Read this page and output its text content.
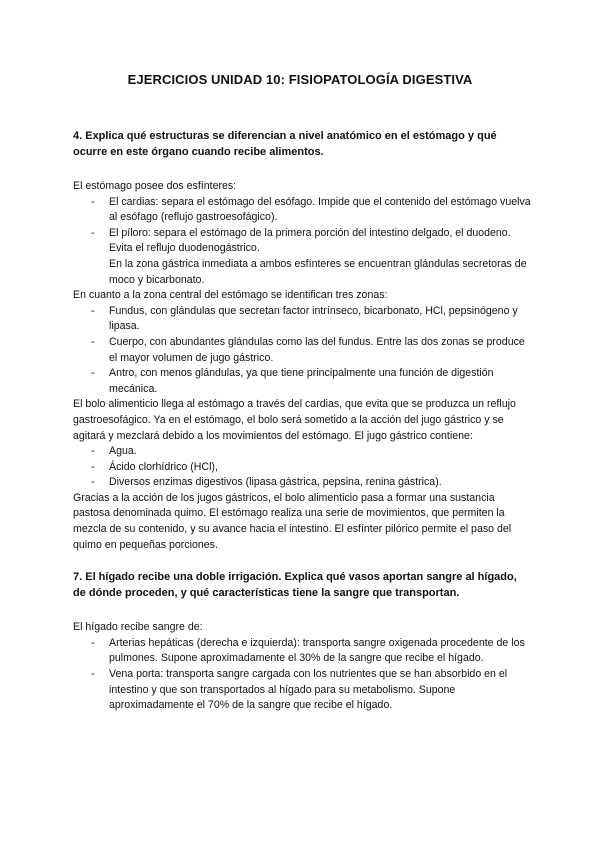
EJERCICIOS UNIDAD 10: FISIOPATOLOGÍA DIGESTIVA

4. Explica qué estructuras se diferencian a nivel anatómico en el estómago y qué ocurre en este órgano cuando recibe alimentos.

El estómago posee dos esfínteres:

- El cardias: separa el estómago del esófago. Impide que el contenido del estómago vuelva al esófago (reflujo gastroesofágico).
- El píloro: separa el estómago de la primera porción del intestino delgado, el duodeno. Evita el reflujo duodenogástrico.
En la zona gástrica inmediata a ambos esfínteres se encuentran glándulas secretoras de moco y bicarbonato.

En cuanto a la zona central del estómago se identifican tres zonas:

- Fundus, con glándulas que secretan factor intrínseco, bicarbonato, HCl, pepsinógeno y lipasa.
- Cuerpo, con abundantes glándulas como las del fundus. Entre las dos zonas se produce el mayor volumen de jugo gástrico.
- Antro, con menos glándulas, ya que tiene principalmente una función de digestión mecánica.

El bolo alimenticio llega al estómago a través del cardias, que evita que se produzca un reflujo gastroesofágico. Ya en el estómago, el bolo será sometido a la acción del jugo gástrico y se agitará y mezclará debido a los movimientos del estómago. El jugo gástrico contiene:

- Agua.
- Ácido clorhídrico (HCl),
- Diversos enzimas digestivos (lipasa gástrica, pepsina, renina gástrica).

Gracias a la acción de los jugos gástricos, el bolo alimenticio pasa a formar una sustancia pastosa denominada quimo. El estómago realiza una serie de movimientos, que permiten la mezcla de su contenido, y su avance hacia el intestino. El esfínter pilórico permite el paso del quimo en pequeñas porciones.

7. El hígado recibe una doble irrigación. Explica qué vasos aportan sangre al hígado, de dónde proceden, y qué características tiene la sangre que transportan.

El hígado recibe sangre de:

- Arterias hepáticas (derecha e izquierda): transporta sangre oxigenada procedente de los pulmones. Supone aproximadamente el 30% de la sangre que recibe el hígado.
- Vena porta: transporta sangre cargada con los nutrientes que se han absorbido en el intestino y que son transportados al hígado para su metabolismo. Supone aproximadamente el 70% de la sangre que recibe el hígado.
